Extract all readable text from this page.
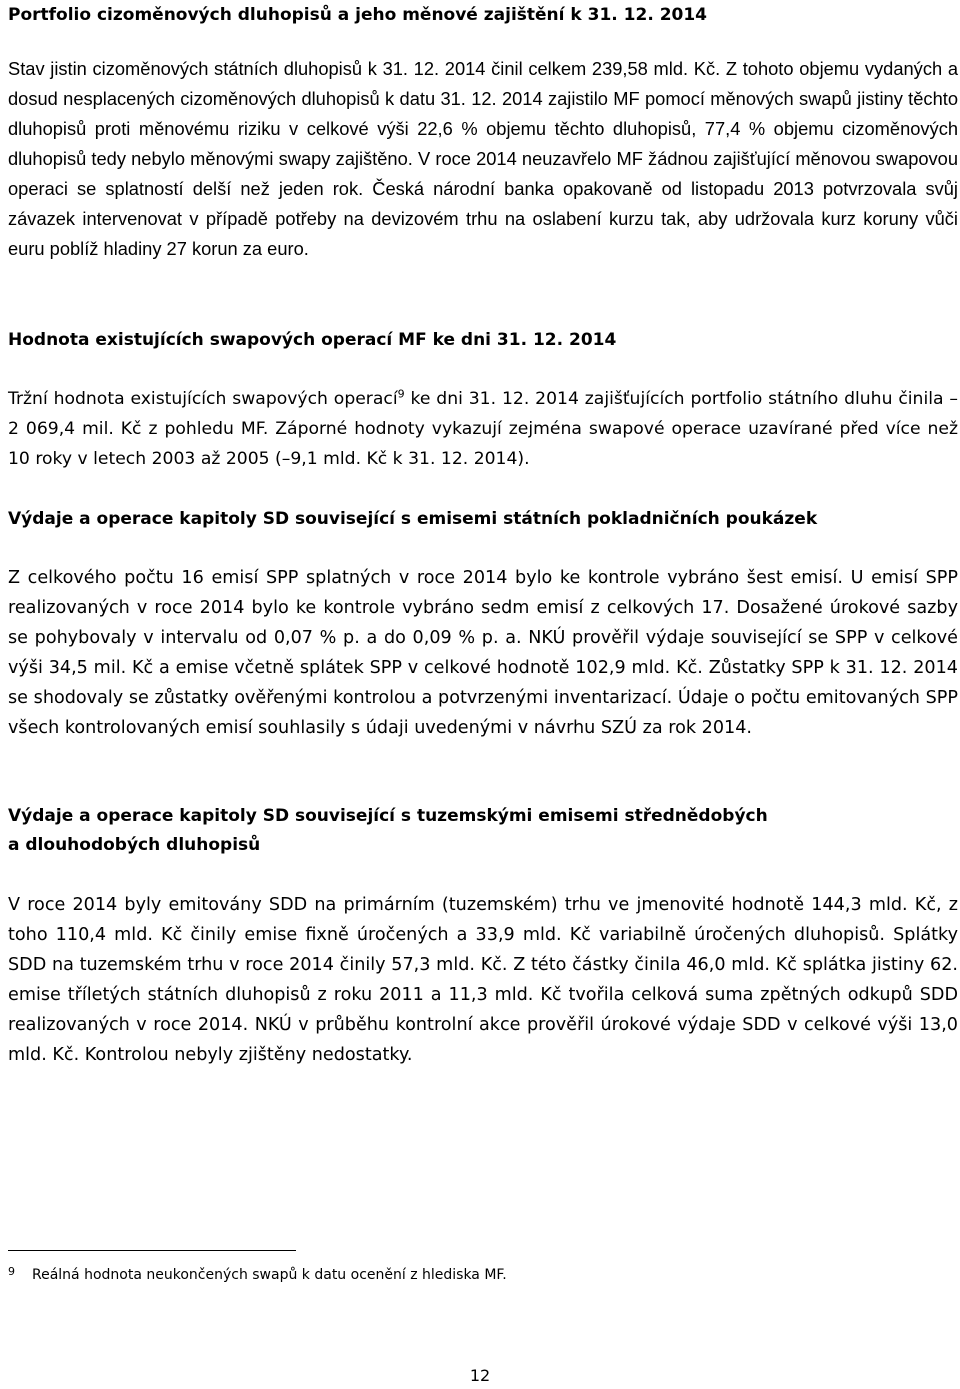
Portfolio cizoměnových dluhopisů a jeho měnové zajištění k 31. 12. 2014

Stav jistin cizoměnových státních dluhopisů k 31. 12. 2014 činil celkem 239,58 mld. Kč. Z tohoto objemu vydaných a dosud nesplacených cizoměnových dluhopisů k datu 31. 12. 2014 zajistilo MF pomocí měnových swapů jistiny těchto dluhopisů proti měnovému riziku v celkové výši 22,6 % objemu těchto dluhopisů, 77,4 % objemu cizoměnových dluhopisů tedy nebylo měnovými swapy zajištěno. V roce 2014 neuzavřelo MF žádnou zajišťující měnovou swapovou operaci se splatností delší než jeden rok. Česká národní banka opakovaně od listopadu 2013 potvrzovala svůj závazek intervenovat v případě potřeby na devizovém trhu na oslabení kurzu tak, aby udržovala kurz koruny vůči euru poblíž hladiny 27 korun za euro.

Hodnota existujících swapových operací MF ke dni 31. 12. 2014

Tržní hodnota existujících swapových operací$^9$ ke dni 31. 12. 2014 zajišťujících portfolio státního dluhu činila –2 069,4 mil. Kč z pohledu MF. Záporné hodnoty vykazují zejména swapové operace uzavírané před více než 10 roky v letech 2003 až 2005 (–9,1 mld. Kč k 31. 12. 2014).

Výdaje a operace kapitoly SD související s emisemi státních pokladničních poukázek

Z celkového počtu 16 emisí SPP splatných v roce 2014 bylo ke kontrole vybráno šest emisí. U emisí SPP realizovaných v roce 2014 bylo ke kontrole vybráno sedm emisí z celkových 17. Dosažené úrokové sazby se pohybovaly v intervalu od 0,07 % p. a do 0,09 % p. a. NKÚ prověřil výdaje související se SPP v celkové výši 34,5 mil. Kč a emise včetně splátek SPP v celkové hodnotě 102,9 mld. Kč. Zůstatky SPP k 31. 12. 2014 se shodovaly se zůstatky ověřenými kontrolou a potvrzenými inventarizací. Údaje o počtu emitovaných SPP všech kontrolovaných emisí souhlasily s údaji uvedenými v návrhu SZÚ za rok 2014.

Výdaje a operace kapitoly SD související s tuzemskými emisemi střednědobých

a dlouhodobých dluhopisů

V roce 2014 byly emitovány SDD na primárním (tuzemském) trhu ve jmenovité hodnotě 144,3 mld. Kč, z toho 110,4 mld. Kč činily emise fixně úročených a 33,9 mld. Kč variabilně úročených dluhopisů. Splátky SDD na tuzemském trhu v roce 2014 činily 57,3 mld. Kč. Z této částky činila 46,0 mld. Kč splátka jistiny 62. emise tříletých státních dluhopisů z roku 2011 a 11,3 mld. Kč tvořila celková suma zpětných odkupů SDD realizovaných v roce 2014. NKÚ v průběhu kontrolní akce prověřil úrokové výdaje SDD v celkové výši 13,0 mld. Kč. Kontrolou nebyly zjištěny nedostatky.

9 Reálná hodnota neukončených swapů k datu ocenění z hlediska MF.
12
